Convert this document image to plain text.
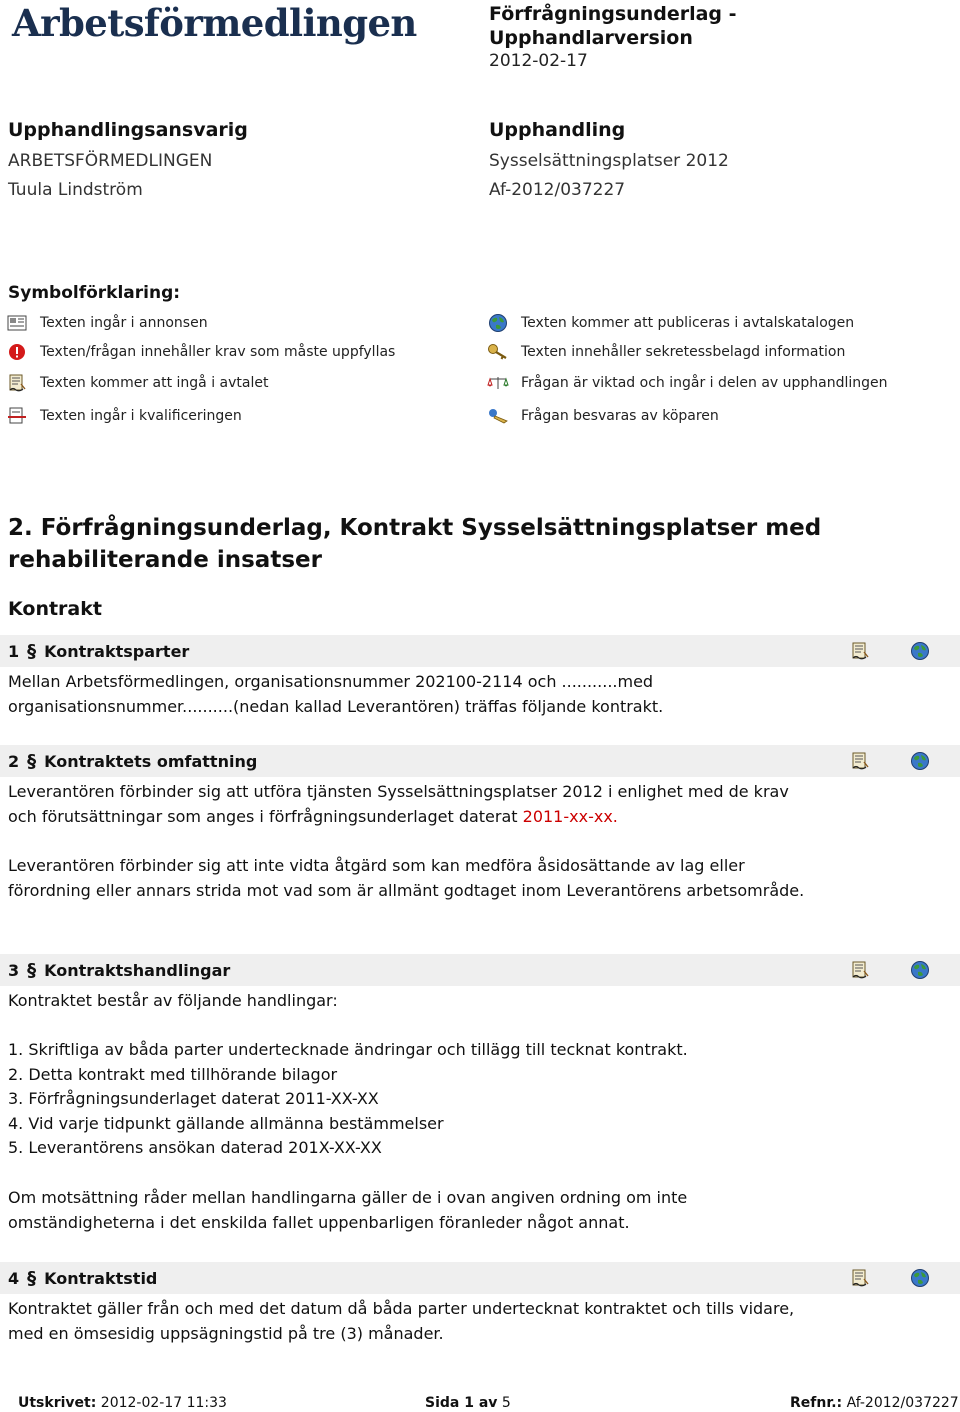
Arbetsförmedlingen	Förfrågningsunderlag - Upphandlarversion
2012-02-17
Upphandlingsansvarig
ARBETSFÖRMEDLINGEN
Tuula Lindström
Upphandling
Sysselsättningsplatser 2012
Af-2012/037227
Symbolförklaring:
Texten ingår i annonsen
Texten/frågan innehåller krav som måste uppfyllas
Texten kommer att ingå i avtalet
Texten ingår i kvalificeringen
Texten kommer att publiceras i avtalskatalogen
Texten innehåller sekretessbelagd information
Frågan är viktad och ingår i delen av upphandlingen
Frågan besvaras av köparen
2. Förfrågningsunderlag, Kontrakt Sysselsättningsplatser med rehabiliterande insatser
Kontrakt
1 § Kontraktsparter
Mellan Arbetsförmedlingen, organisationsnummer 202100-2114 och ...........med organisationsnummer..........(nedan kallad Leverantören) träffas följande kontrakt.
2 § Kontraktets omfattning
Leverantören förbinder sig att utföra tjänsten Sysselsättningsplatser 2012 i enlighet med de krav och förutsättningar som anges i förfrågningsunderlaget daterat 2011-xx-xx.
Leverantören förbinder sig att inte vidta åtgärd som kan medföra åsidosättande av lag eller förordning eller annars strida mot vad som är allmänt godtaget inom Leverantörens arbetsområde.
3 § Kontraktshandlingar
Kontraktet består av följande handlingar:
1. Skriftliga av båda parter undertecknade ändringar och tillägg till tecknat kontrakt.
2. Detta kontrakt med tillhörande bilagor
3. Förfrågningsunderlaget daterat 2011-XX-XX
4. Vid varje tidpunkt gällande allmänna bestämmelser
5. Leverantörens ansökan daterad 201X-XX-XX
Om motsättning råder mellan handlingarna gäller de i ovan angiven ordning om inte omständigheterna i det enskilda fallet uppenbarligen föranleder något annat.
4 § Kontraktstid
Kontraktet gäller från och med det datum då båda parter undertecknat kontraktet och tills vidare, med en ömsesidig uppsägningstid på tre (3) månader.
Utskrivet: 2012-02-17 11:33	Sida 1 av 5	Refnr.: Af-2012/037227
